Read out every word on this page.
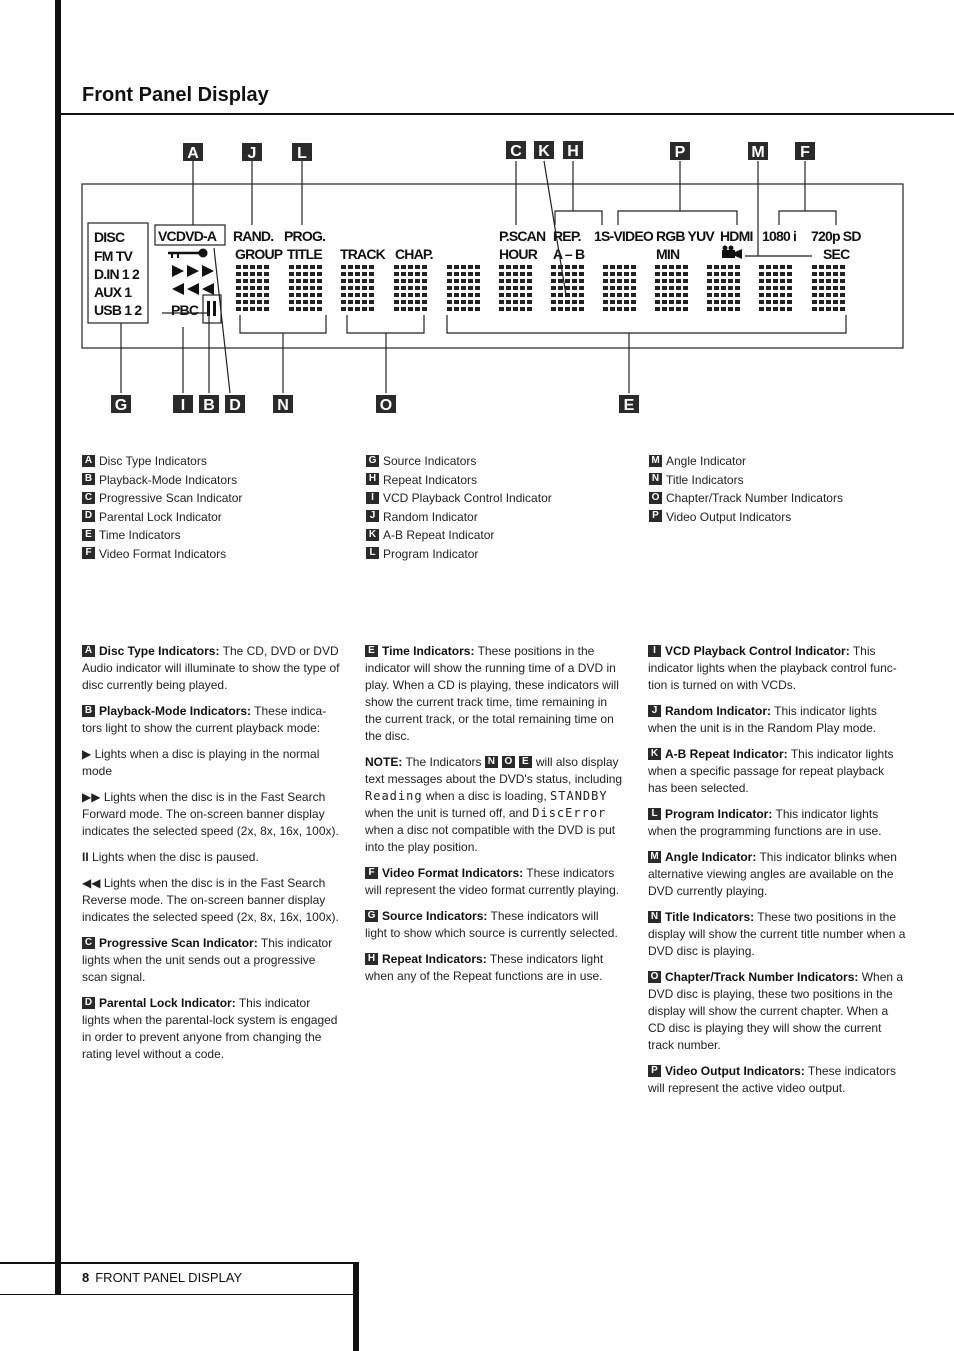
Front Panel Display
DISC
FM TV
D.IN 1 2
AUX 1
USB 1 2
VCDVD-A
PBC
RAND.
GROUP
PROG.
TITLE TRACK CHAP.
P.SCAN
HOUR
REP.
A – B
1S-VIDEO RGB YUV
MIN
HDMI 1080 i 720p SD
SEC
A	J	L	C K H	P	M F
G	I B D N	O	E
A Disc Type Indicators
B Playback-Mode Indicators
C Progressive Scan Indicator
D Parental Lock Indicator
E Time Indicators
F Video Format Indicators
G Source Indicators
H Repeat Indicators
I VCD Playback Control Indicator
J Random Indicator
K A-B Repeat Indicator
L Program Indicator
M Angle Indicator
N Title Indicators
O Chapter/Track Number Indicators
P Video Output Indicators

A Disc Type Indicators: The CD, DVD or DVD Audio indicator will illuminate to show the type of disc currently being played.

B Playback-Mode Indicators: These indica-tors light to show the current playback mode:

▶ Lights when a disc is playing in the normal mode

▶▶ Lights when the disc is in the Fast Search Forward mode. The on-screen banner display indicates the selected speed (2x, 8x, 16x, 100x).

II Lights when the disc is paused.

◀◀ Lights when the disc is in the Fast Search Reverse mode. The on-screen banner display indicates the selected speed (2x, 8x, 16x, 100x).

C Progressive Scan Indicator: This indicator lights when the unit sends out a progressive scan signal.

D Parental Lock Indicator: This indicator lights when the parental-lock system is engaged in order to prevent anyone from changing the rating level without a code.

E Time Indicators: These positions in the indicator will show the running time of a DVD in play. When a CD is playing, these indicators will show the current track time, time remaining in the current track, or the total remaining time on the disc.

NOTE: The Indicators N O E will also display text messages about the DVD's status, including Reading when a disc is loading, STANDBY when the unit is turned off, and DiscError when a disc not compatible with the DVD is put into the play position.

F Video Format Indicators: These indicators will represent the video format currently playing.

G Source Indicators: These indicators will light to show which source is currently selected.

H Repeat Indicators: These indicators light when any of the Repeat functions are in use.

I VCD Playback Control Indicator: This indicator lights when the playback control func-tion is turned on with VCDs.

J Random Indicator: This indicator lights when the unit is in the Random Play mode.

K A-B Repeat Indicator: This indicator lights when a specific passage for repeat playback has been selected.

L Program Indicator: This indicator lights when the programming functions are in use.

M Angle Indicator: This indicator blinks when alternative viewing angles are available on the DVD currently playing.

N Title Indicators: These two positions in the display will show the current title number when a DVD disc is playing.

O Chapter/Track Number Indicators: When a DVD disc is playing, these two positions in the display will show the current chapter. When a CD disc is playing they will show the current track number.

P Video Output Indicators: These indicators will represent the active video output.

8 FRONT PANEL DISPLAY
